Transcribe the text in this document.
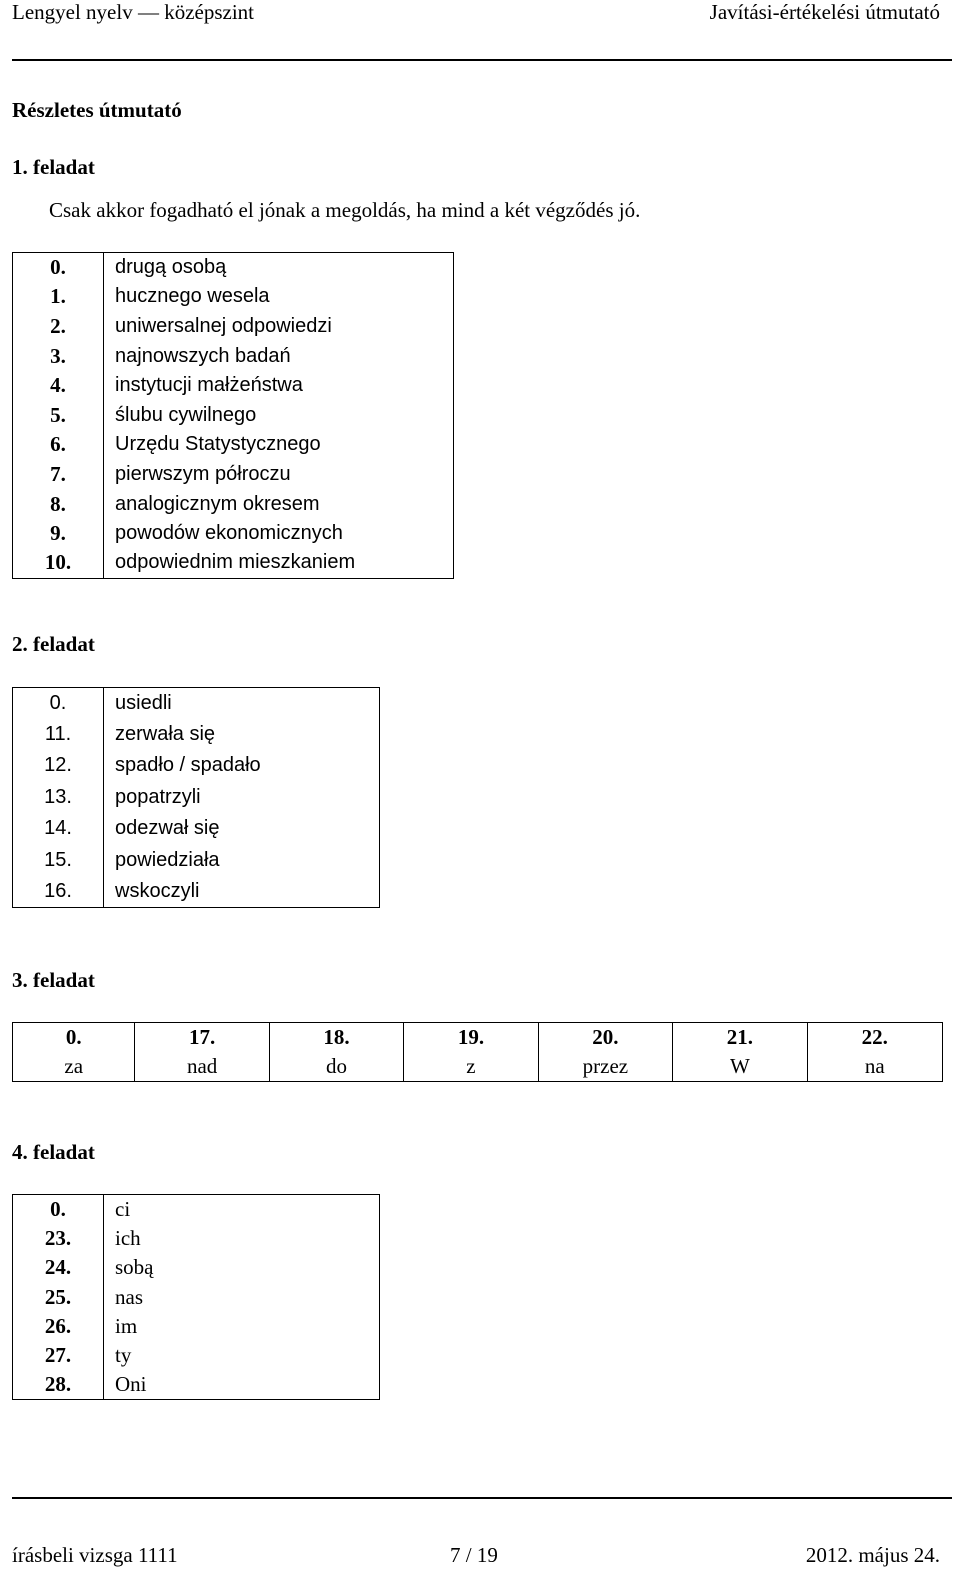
Lengyel nyelv — középszint	Javítási-értékelési útmutató
Részletes útmutató
1. feladat
Csak akkor fogadható el jónak a megoldás, ha mind a két végződés jó.
0.	drugą osobą
1.	hucznego wesela
2.	uniwersalnej odpowiedzi
3.	najnowszych badań
4.	instytucji małżeństwa
5.	ślubu cywilnego
6.	Urzędu Statystycznego
7.	pierwszym półroczu
8.	analogicznym okresem
9.	powodów ekonomicznych
10.	odpowiednim mieszkaniem
2. feladat
0.	usiedli
11.	zerwała się
12.	spadło / spadało
13.	popatrzyli
14.	odezwał się
15.	powiedziała
16.	wskoczyli
3. feladat
0.	17.	18.	19.	20.	21.	22.
za	nad	do	z	przez	W	na
4. feladat
0.	ci
23.	ich
24.	sobą
25.	nas
26.	im
27.	ty
28.	Oni
írásbeli vizsga 1111	7 / 19	2012. május 24.
